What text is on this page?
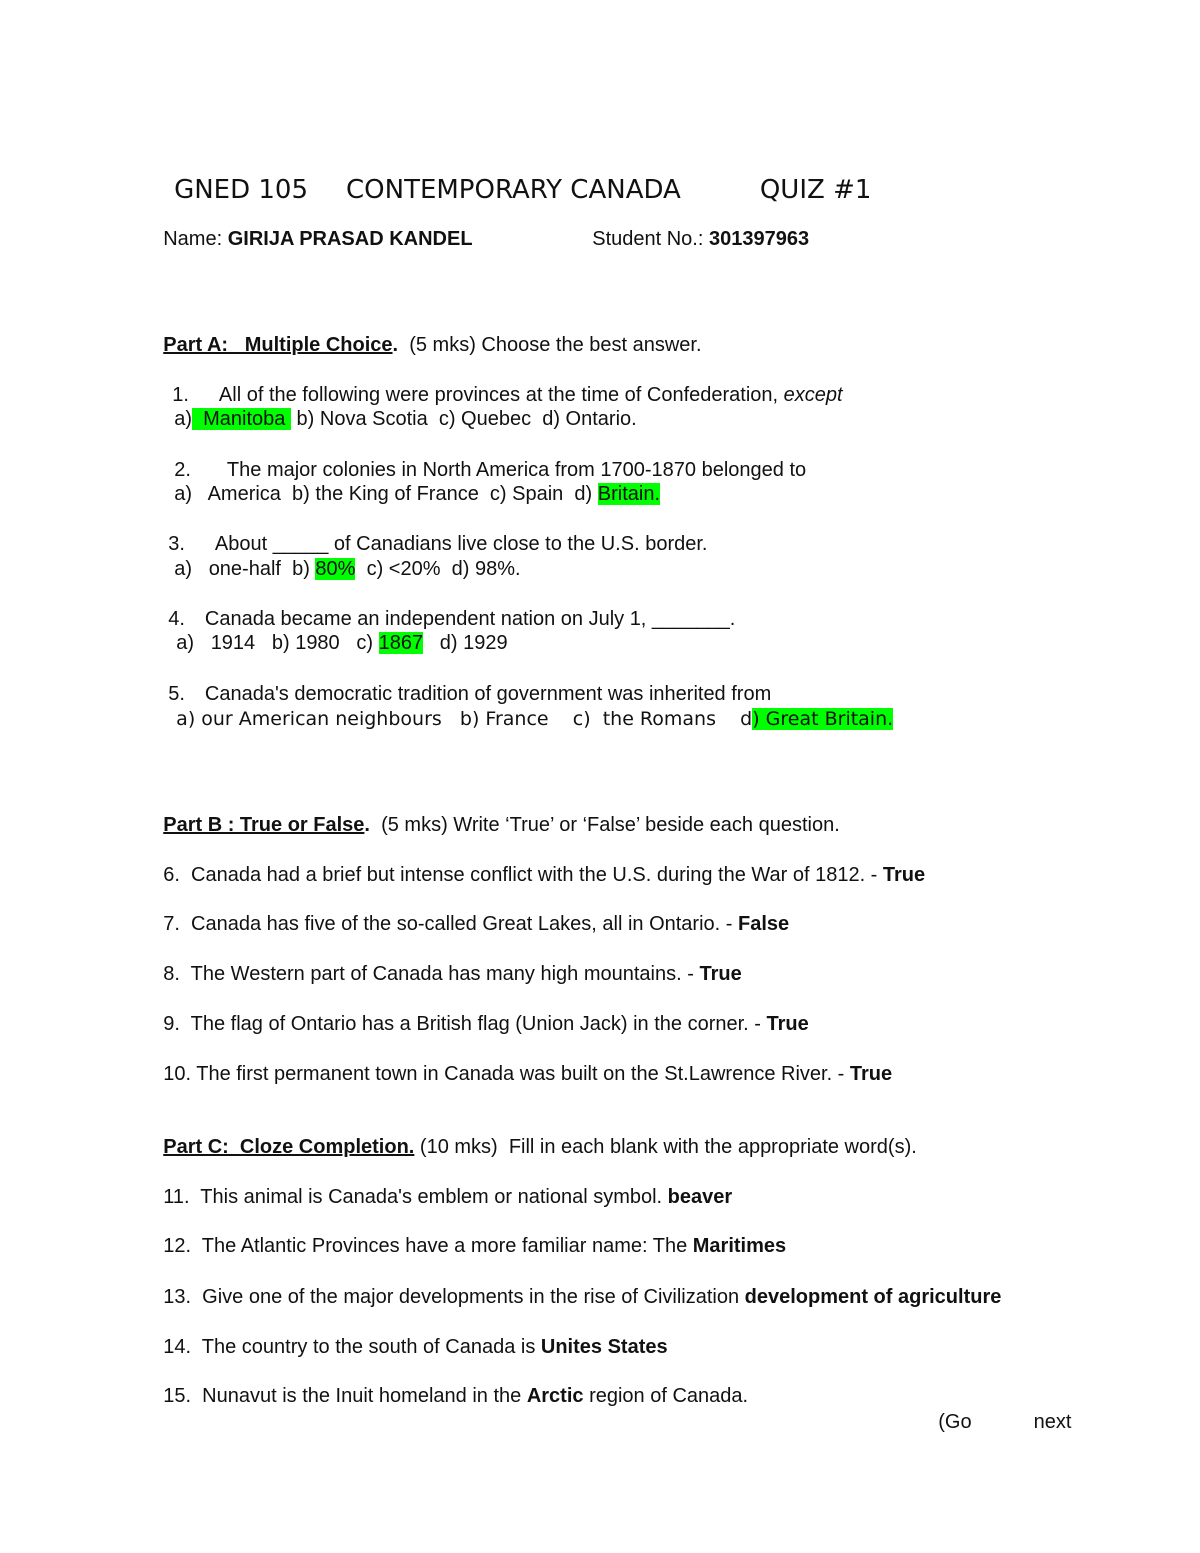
GNED 105 CONTEMPORARY CANADA	QUIZ #1

Name: GIRIJA PRASAD KANDEL
	Student No.: 301397963

Part A:   Multiple Choice.  (5 mks) Choose the best answer.

1. All of the following were provinces at the time of Confederation, except

a)  Manitoba  b) Nova Scotia  c) Quebec  d) Ontario.

2. The major colonies in North America from 1700-1870 belonged to

a)   America  b) the King of France  c) Spain  d) Britain.

3. About _____ of Canadians live close to the U.S. border.

a)   one-half  b) 80%  c) <20%  d) 98%.

4. Canada became an independent nation on July 1, _______.

a)   1914   b) 1980   c) 1867   d) 1929

5. Canada's democratic tradition of government was inherited from

a) our American neighbours   b) France    c)  the Romans    d) Great Britain.

Part B : True or False.  (5 mks) Write ‘True’ or ‘False’ beside each question.

6.  Canada had a brief but intense conflict with the U.S. during the War of 1812. - True

7.  Canada has five of the so-called Great Lakes, all in Ontario. - False

8.  The Western part of Canada has many high mountains. - True

9.  The flag of Ontario has a British flag (Union Jack) in the corner. - True

10. The first permanent town in Canada was built on the St.Lawrence River. - True

Part C:  Cloze Completion. (10 mks)  Fill in each blank with the appropriate word(s).

11.  This animal is Canada's emblem or national symbol. beaver

12.  The Atlantic Provinces have a more familiar name: The Maritimes

13.  Give one of the major developments in the rise of Civilization development of agriculture

14.  The country to the south of Canada is Unites States

15.  Nunavut is the Inuit homeland in the Arctic region of Canada.

(Go	next
